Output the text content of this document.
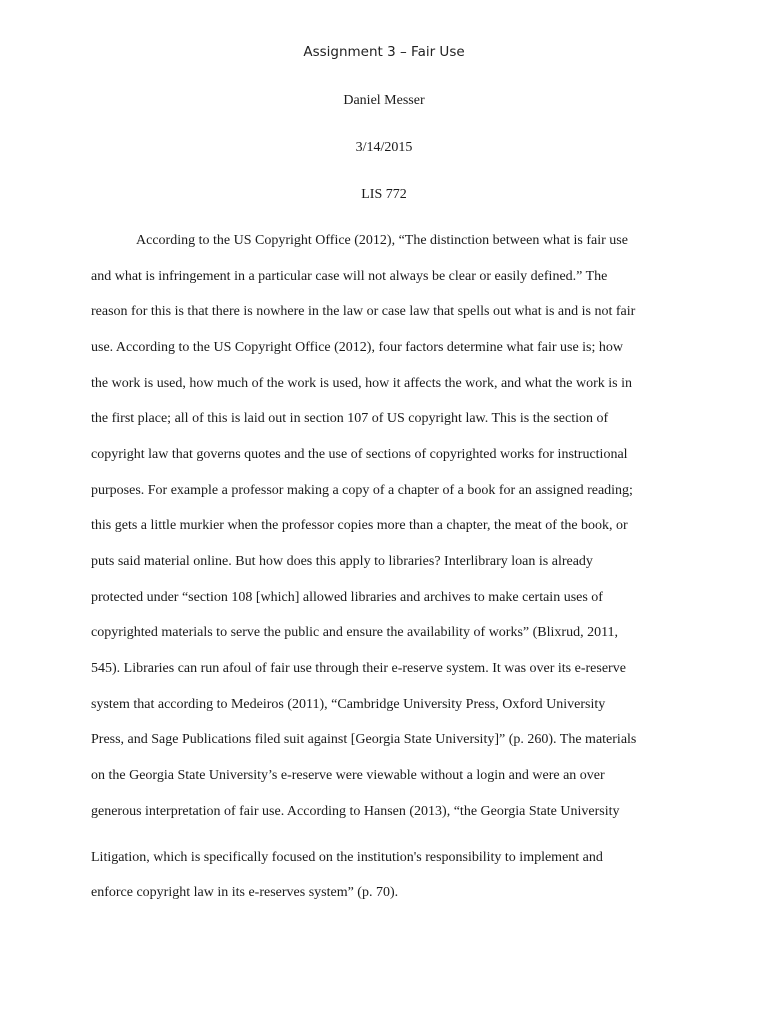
Assignment 3 – Fair Use
Daniel Messer
3/14/2015
LIS 772
According to the US Copyright Office (2012), “The distinction between what is fair use
and what is infringement in a particular case will not always be clear or easily defined.” The
reason for this is that there is nowhere in the law or case law that spells out what is and is not fair
use. According to the US Copyright Office (2012), four factors determine what fair use is; how
the work is used, how much of the work is used, how it affects the work, and what the work is in
the first place; all of this is laid out in section 107 of US copyright law. This is the section of
copyright law that governs quotes and the use of sections of copyrighted works for instructional
purposes. For example a professor making a copy of a chapter of a book for an assigned reading;
this gets a little murkier when the professor copies more than a chapter, the meat of the book, or
puts said material online. But how does this apply to libraries? Interlibrary loan is already
protected under “section 108 [which] allowed libraries and archives to make certain uses of
copyrighted materials to serve the public and ensure the availability of works” (Blixrud, 2011,
545). Libraries can run afoul of fair use through their e-reserve system. It was over its e-reserve
system that according to Medeiros (2011), “Cambridge University Press, Oxford University
Press, and Sage Publications filed suit against [Georgia State University]” (p. 260). The materials
on the Georgia State University’s e-reserve were viewable without a login and were an over
generous interpretation of fair use. According to Hansen (2013), “the Georgia State University
Litigation, which is specifically focused on the institution's responsibility to implement and
enforce copyright law in its e-reserves system” (p. 70).
